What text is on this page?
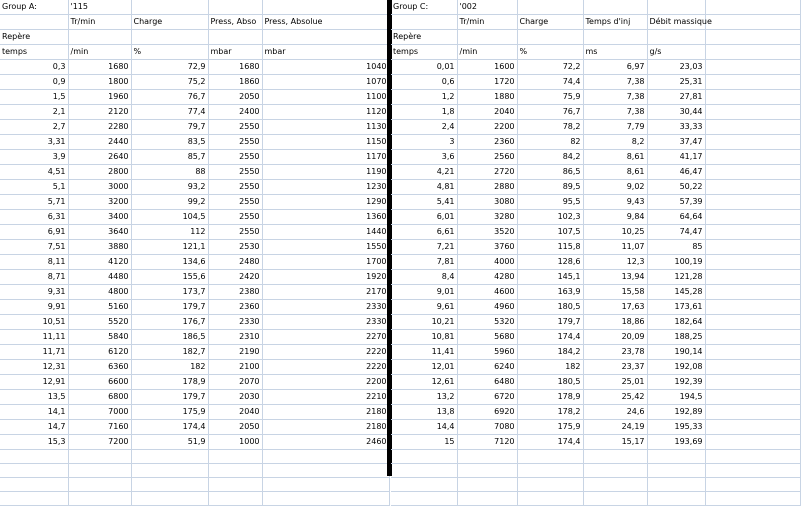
Group A:	'115			
	Tr/min	Charge	Press, Abso	Press, Absolue
Repère				
temps	/min	%	mbar	mbar
0,3	1680	72,9	1680	1040
0,9	1800	75,2	1860	1070
1,5	1960	76,7	2050	1100
2,1	2120	77,4	2400	1120
2,7	2280	79,7	2550	1130
3,31	2440	83,5	2550	1150
3,9	2640	85,7	2550	1170
4,51	2800	88	2550	1190
5,1	3000	93,2	2550	1230
5,71	3200	99,2	2550	1290
6,31	3400	104,5	2550	1360
6,91	3640	112	2550	1440
7,51	3880	121,1	2530	1550
8,11	4120	134,6	2480	1700
8,71	4480	155,6	2420	1920
9,31	4800	173,7	2380	2170
9,91	5160	179,7	2360	2330
10,51	5520	176,7	2330	2330
11,11	5840	186,5	2310	2270
11,71	6120	182,7	2190	2220
12,31	6360	182	2100	2220
12,91	6600	178,9	2070	2200
13,5	6800	179,7	2030	2210
14,1	7000	175,9	2040	2180
14,7	7160	174,4	2050	2180
15,3	7200	51,9	1000	2460

Group C:	'002				
	Tr/min	Charge	Temps d'inj	Débit massique	
Repère					
temps	/min	%	ms	g/s	
0,01	1600	72,2	6,97	23,03	
0,6	1720	74,4	7,38	25,31	
1,2	1880	75,9	7,38	27,81	
1,8	2040	76,7	7,38	30,44	
2,4	2200	78,2	7,79	33,33	
3	2360	82	8,2	37,47	
3,6	2560	84,2	8,61	41,17	
4,21	2720	86,5	8,61	46,47	
4,81	2880	89,5	9,02	50,22	
5,41	3080	95,5	9,43	57,39	
6,01	3280	102,3	9,84	64,64	
6,61	3520	107,5	10,25	74,47	
7,21	3760	115,8	11,07	85	
7,81	4000	128,6	12,3	100,19	
8,4	4280	145,1	13,94	121,28	
9,01	4600	163,9	15,58	145,28	
9,61	4960	180,5	17,63	173,61	
10,21	5320	179,7	18,86	182,64	
10,81	5680	174,4	20,09	188,25	
11,41	5960	184,2	23,78	190,14	
12,01	6240	182	23,37	192,08	
12,61	6480	180,5	25,01	192,39	
13,2	6720	178,9	25,42	194,5	
13,8	6920	178,2	24,6	192,89	
14,4	7080	175,9	24,19	195,33	
15	7120	174,4	15,17	193,69	
